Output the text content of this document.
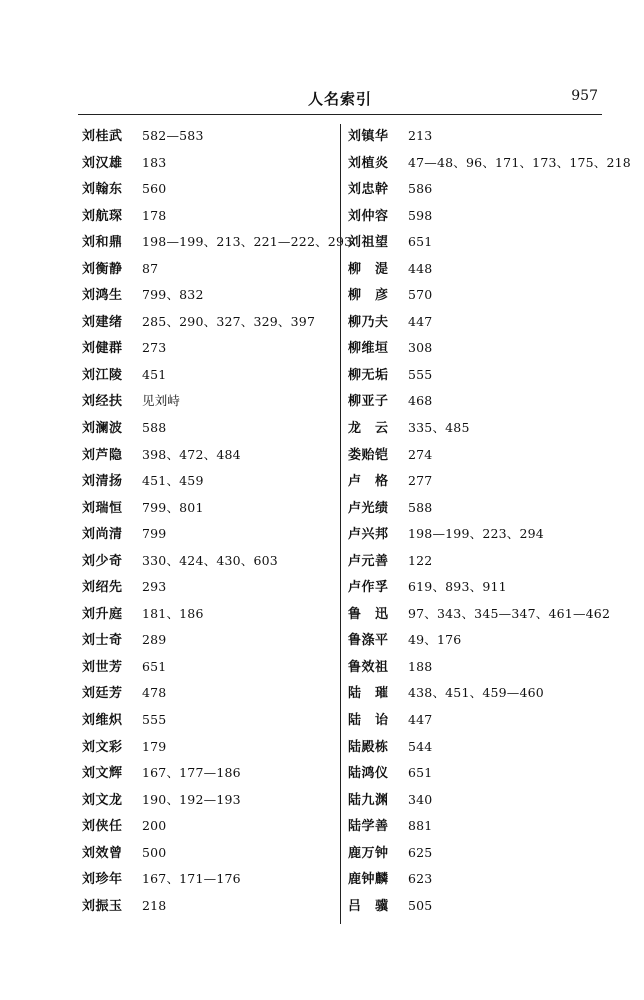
人名索引	957
刘桂武 582—583
刘汉雄 183
刘翰东 560
刘航琛 178
刘和鼎 198—199、213、221—222、293
刘衡静 87
刘鸿生 799、832
刘建绪 285、290、327、329、397
刘健群 273
刘江陵 451
刘经扶 见刘峙
刘澜波 588
刘芦隐 398、472、484
刘清扬 451、459
刘瑞恒 799、801
刘尚清 799
刘少奇 330、424、430、603
刘绍先 293
刘升庭 181、186
刘士奇 289
刘世芳 651
刘廷芳 478
刘维炽 555
刘文彩 179
刘文辉 167、177—186
刘文龙 190、192—193
刘侠任 200
刘效曾 500
刘珍年 167、171—176
刘振玉 218
刘镇华 213
刘植炎 47—48、96、171、173、175、218
刘忠幹 586
刘仲容 598
刘祖望 651
柳　湜 448
柳　彦 570
柳乃夫 447
柳维垣 308
柳无垢 555
柳亚子 468
龙　云 335、485
娄贻铠 274
卢　格 277
卢光绩 588
卢兴邦 198—199、223、294
卢元善 122
卢作孚 619、893、911
鲁　迅 97、343、345—347、461—462
鲁涤平 49、176
鲁效祖 188
陆　璀 438、451、459—460
陆　诒 447
陆殿栋 544
陆鸿仪 651
陆九渊 340
陆学善 881
鹿万钟 625
鹿钟麟 623
吕　骥 505
